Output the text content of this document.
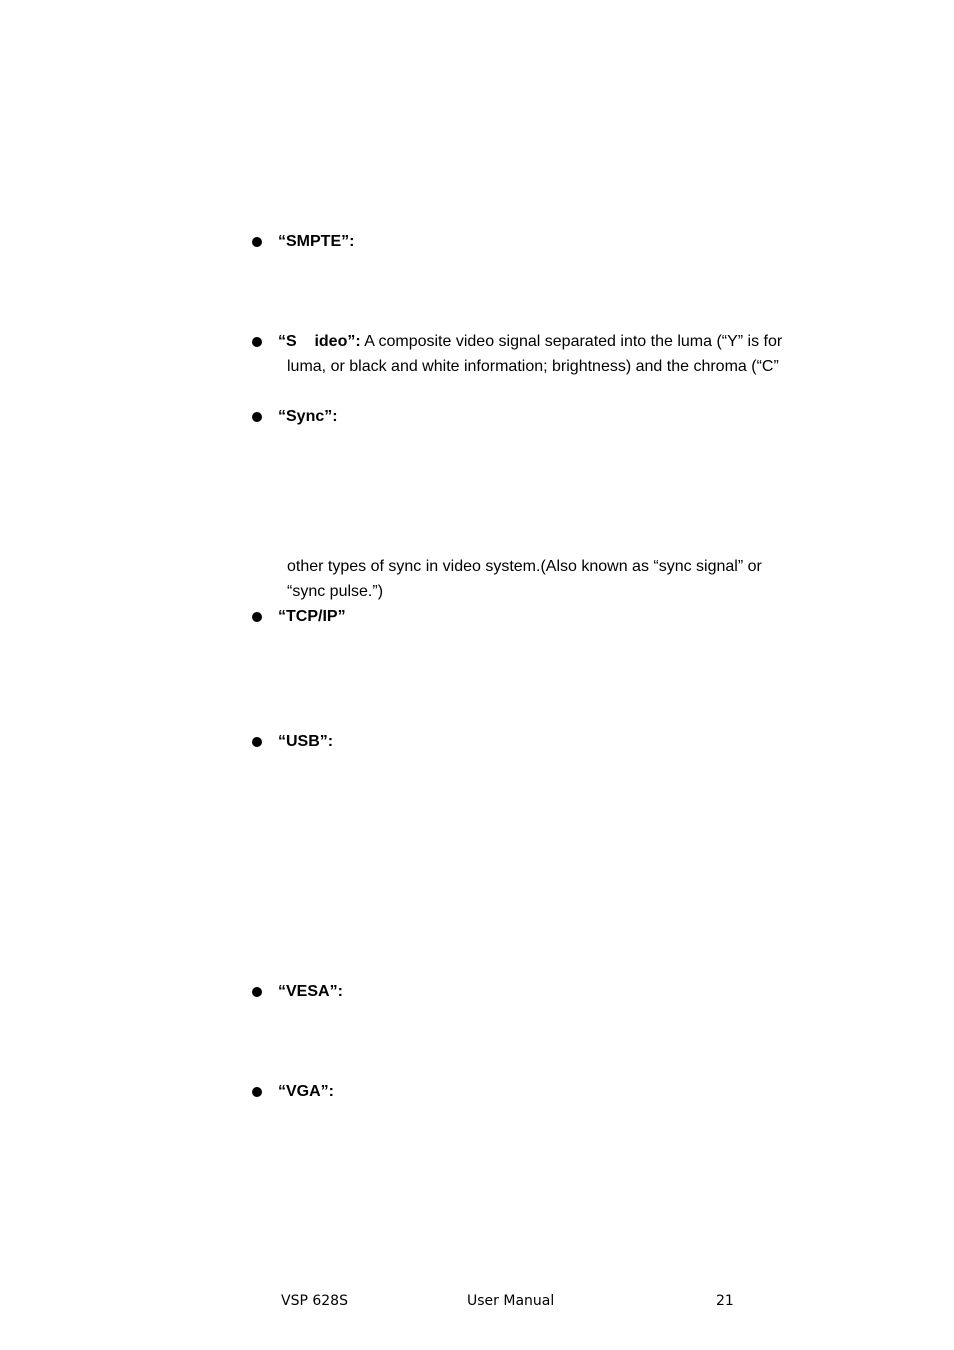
“SMPTE”:
“S    ideo”: A composite video signal separated into the luma (“Y” is for
luma, or black and white information; brightness) and the chroma (“C”
“Sync”:
other types of sync in video system.(Also known as “sync signal” or
“sync pulse.”)
“TCP/IP”
“USB”:
“VESA”:
“VGA”:
VSP 628S	User Manual	21
